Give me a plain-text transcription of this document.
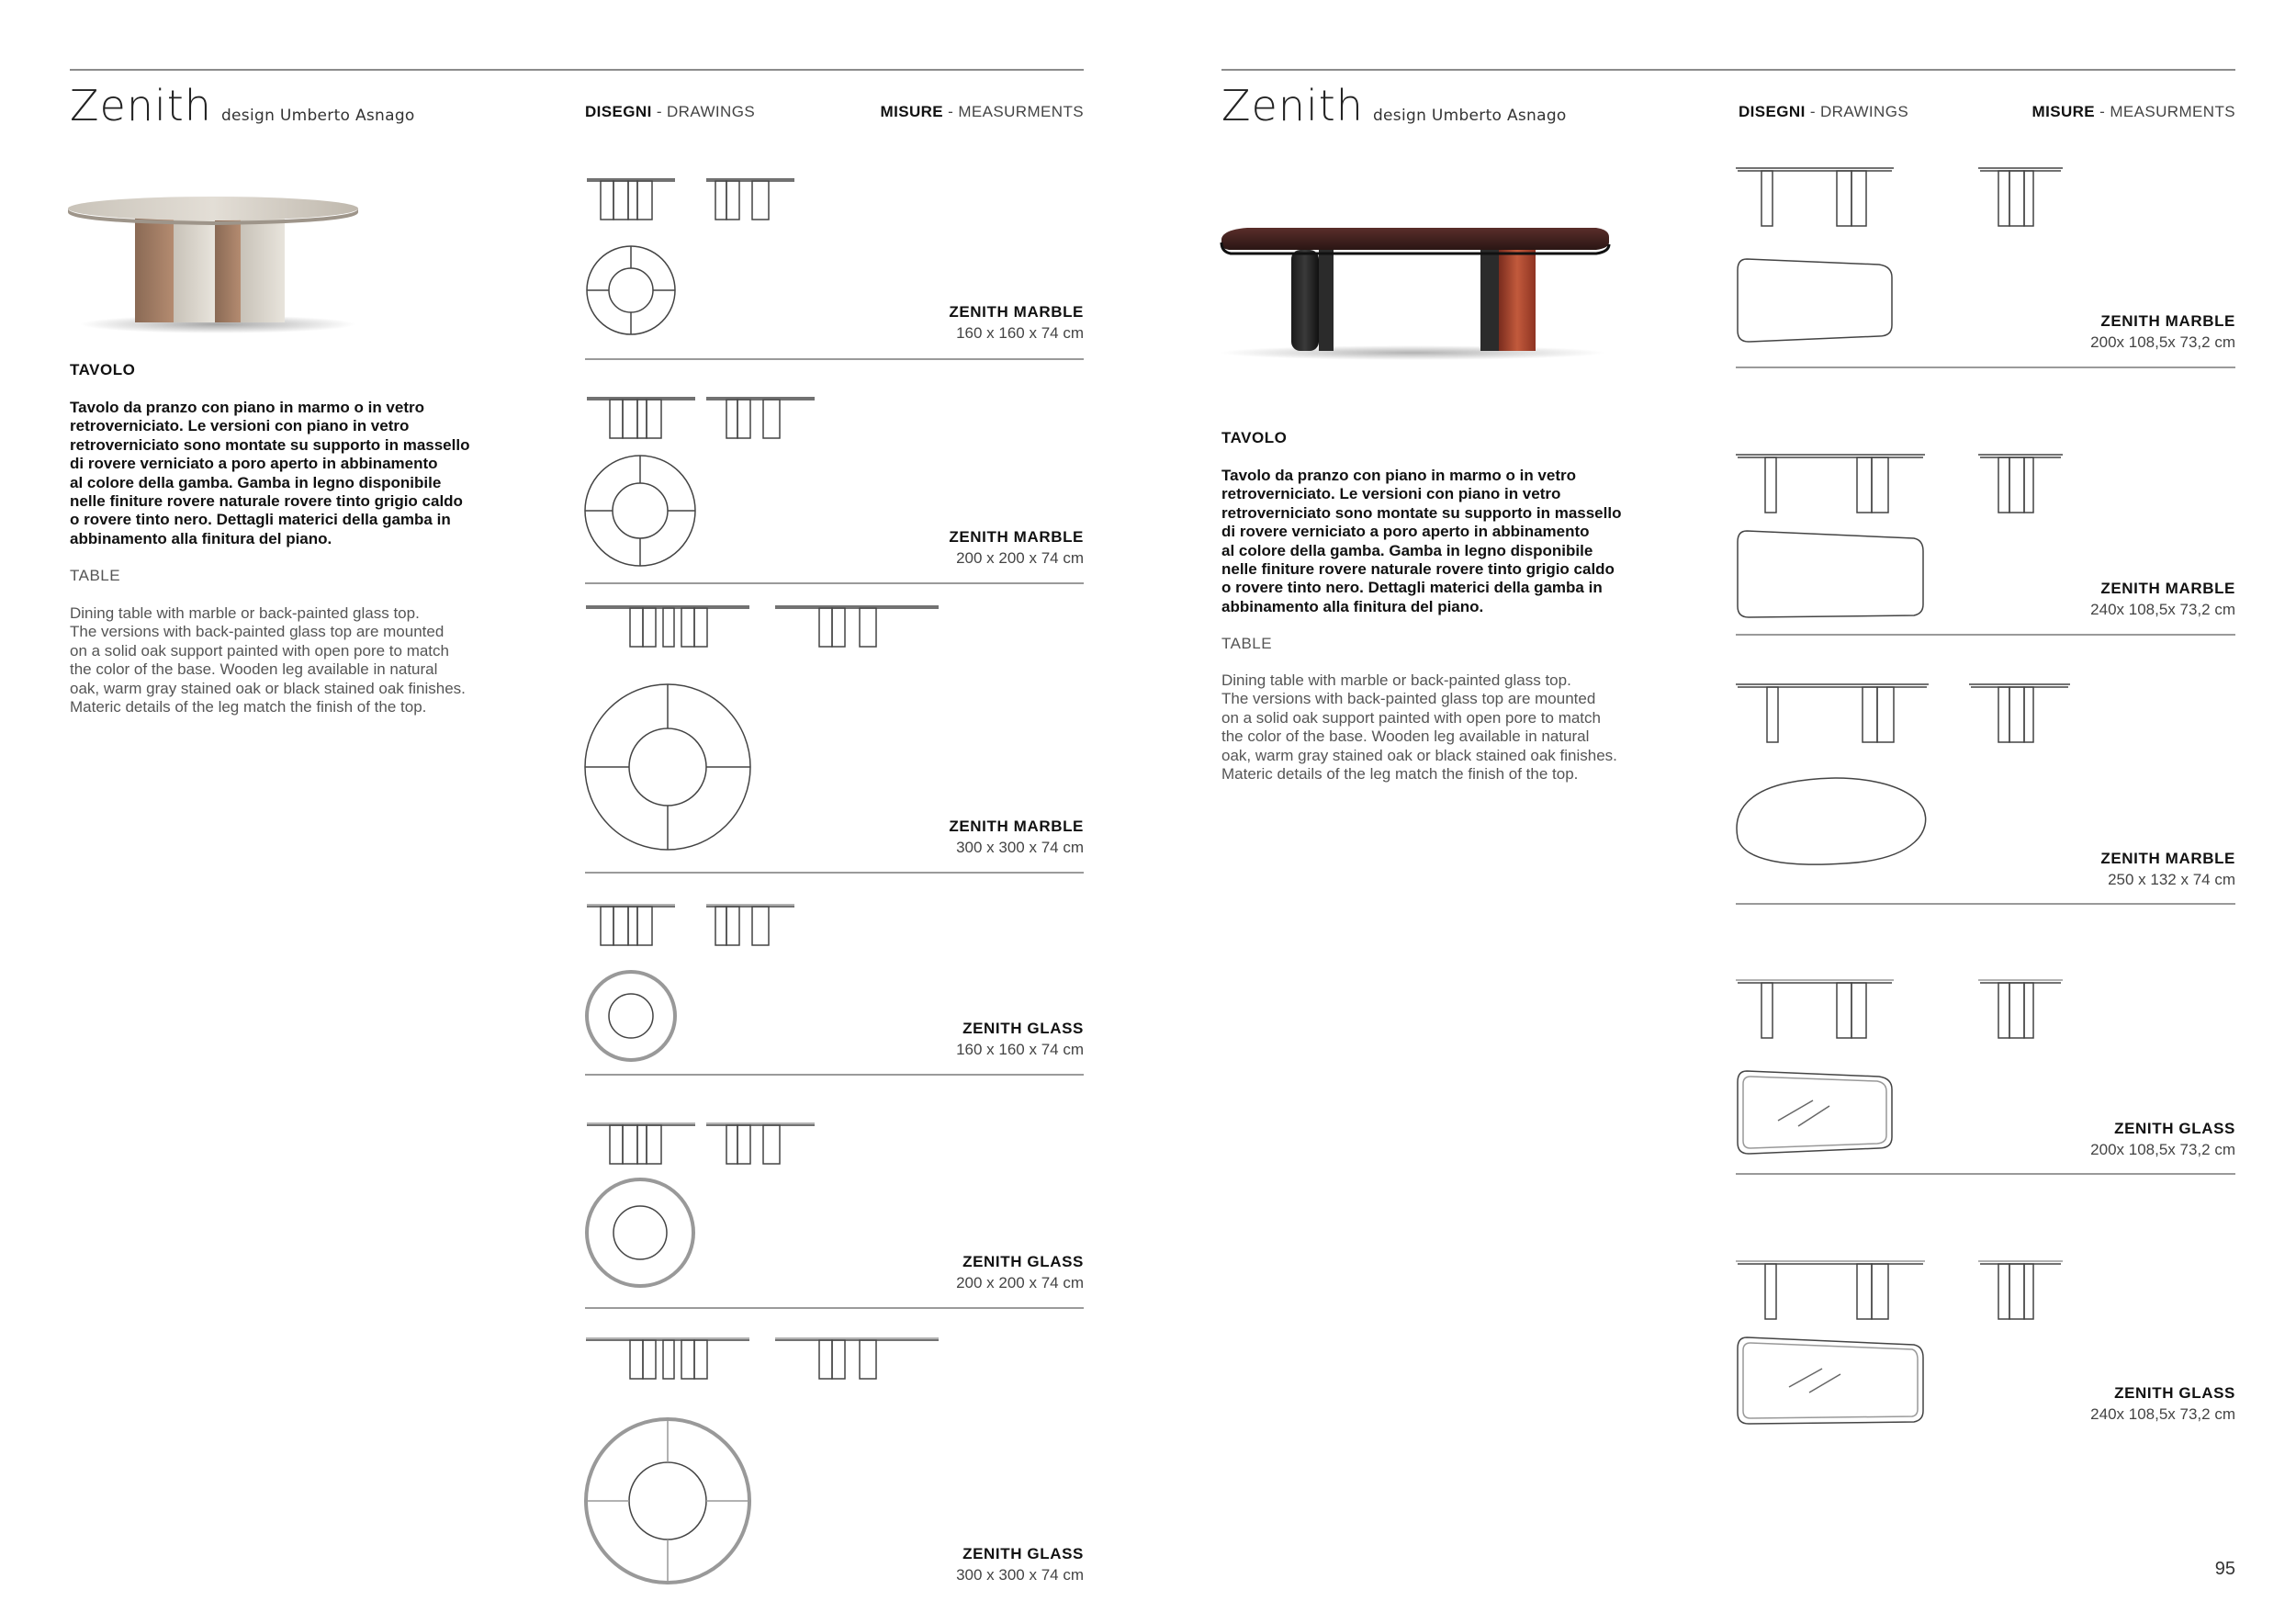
Zenith design Umberto Asnago	DISEGNI - DRAWINGS	MISURE - MEASURMENTS
TAVOLO
Tavolo da pranzo con piano in marmo o in vetro
retroverniciato. Le versioni con piano in vetro
retroverniciato sono montate su supporto in massello
di rovere verniciato a poro aperto in abbinamento
al colore della gamba. Gamba in legno disponibile
nelle finiture rovere naturale rovere tinto grigio caldo
o rovere tinto nero. Dettagli materici della gamba in
abbinamento alla finitura del piano.
TABLE
Dining table with marble or back-painted glass top.
The versions with back-painted glass top are mounted
on a solid oak support painted with open pore to match
the color of the base. Wooden leg available in natural
oak, warm gray stained oak or black stained oak finishes.
Materic details of the leg match the finish of the top.
ZENITH MARBLE
160 x 160 x 74 cm
ZENITH MARBLE
200 x 200 x 74 cm
ZENITH MARBLE
300 x 300 x 74 cm
ZENITH GLASS
160 x 160 x 74 cm
ZENITH GLASS
200 x 200 x 74 cm
ZENITH GLASS
300 x 300 x 74 cm
Zenith design Umberto Asnago	DISEGNI - DRAWINGS	MISURE - MEASURMENTS
TAVOLO
Tavolo da pranzo con piano in marmo o in vetro
retroverniciato. Le versioni con piano in vetro
retroverniciato sono montate su supporto in massello
di rovere verniciato a poro aperto in abbinamento
al colore della gamba. Gamba in legno disponibile
nelle finiture rovere naturale rovere tinto grigio caldo
o rovere tinto nero. Dettagli materici della gamba in
abbinamento alla finitura del piano.
TABLE
Dining table with marble or back-painted glass top.
The versions with back-painted glass top are mounted
on a solid oak support painted with open pore to match
the color of the base. Wooden leg available in natural
oak, warm gray stained oak or black stained oak finishes.
Materic details of the leg match the finish of the top.
ZENITH MARBLE
200x 108,5x 73,2 cm
ZENITH MARBLE
240x 108,5x 73,2 cm
ZENITH MARBLE
250 x 132 x 74 cm
ZENITH GLASS
200x 108,5x 73,2 cm
ZENITH GLASS
240x 108,5x 73,2 cm
95
